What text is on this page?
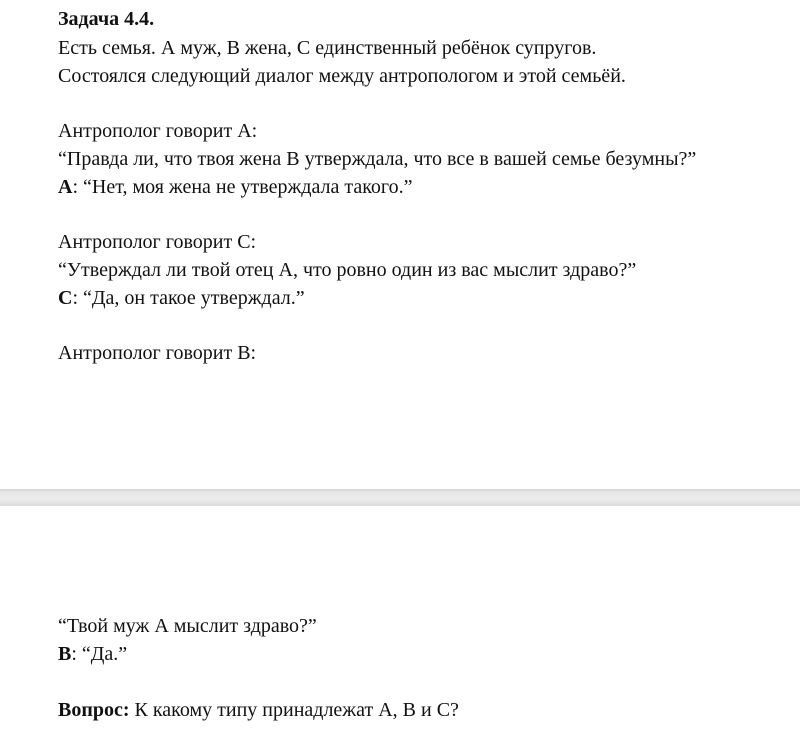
Задача 4.4.
Есть семья. А муж, В жена, С единственный ребёнок супругов.
Состоялся следующий диалог между антропологом и этой семьёй.
Антрополог говорит А:
“Правда ли, что твоя жена В утверждала, что все в вашей семье безумны?”
А: “Нет, моя жена не утверждала такого.”
Антрополог говорит С:
“Утверждал ли твой отец А, что ровно один из вас мыслит здраво?”
С: “Да, он такое утверждал.”
Антрополог говорит В:
“Твой муж А мыслит здраво?”
В: “Да.”
Вопрос: К какому типу принадлежат А, В и С?
